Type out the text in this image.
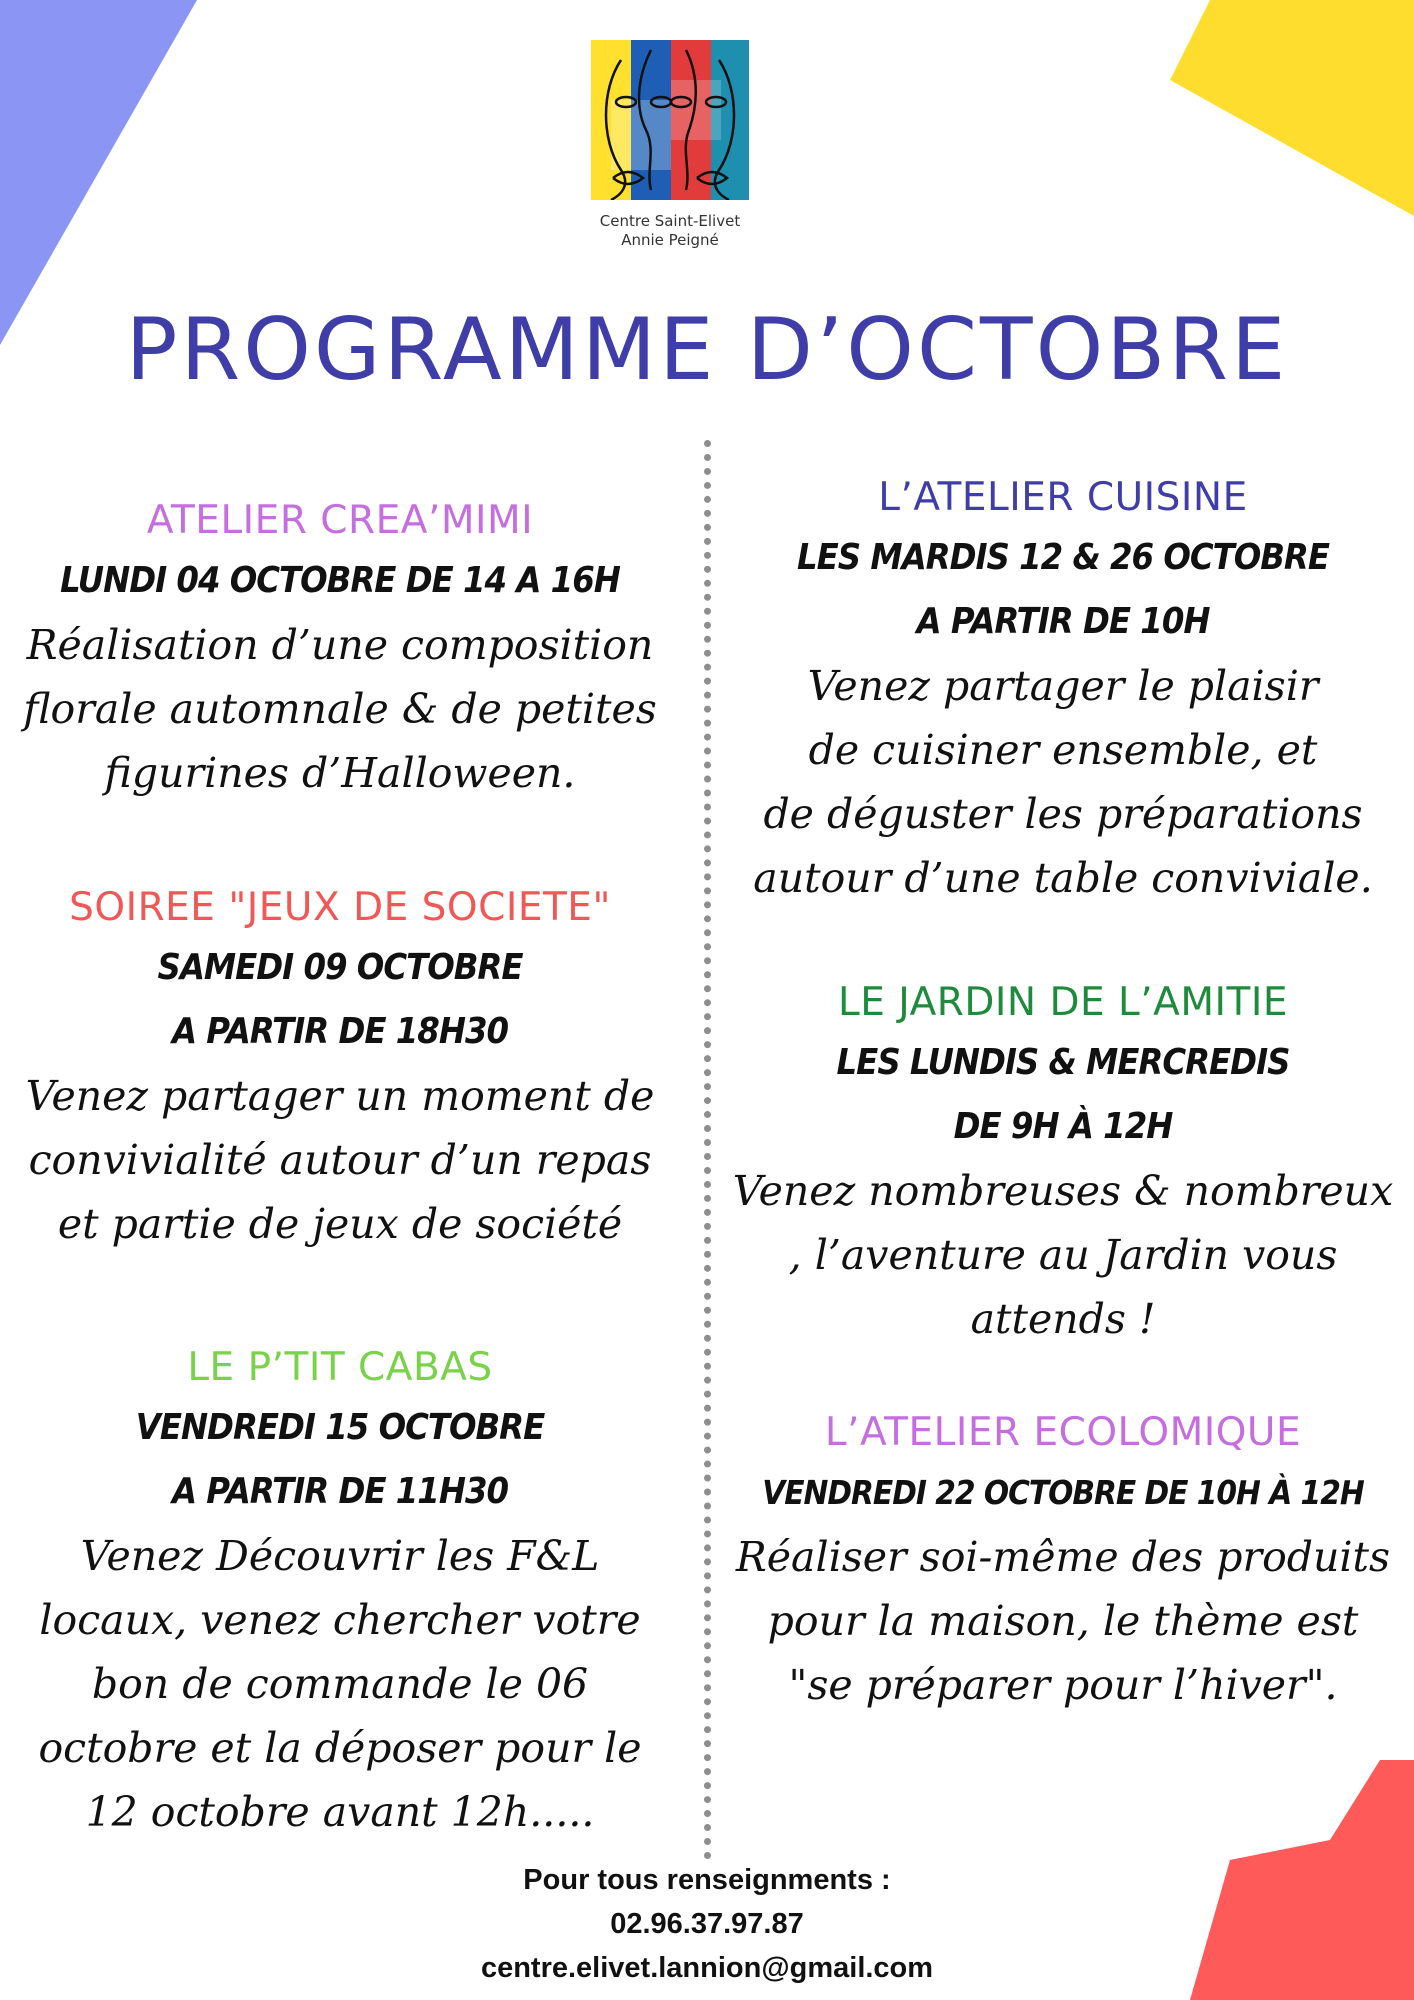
Centre Saint-Elivet
Annie Peigné
PROGRAMME D’OCTOBRE
ATELIER CREA’MIMI
LUNDI 04 OCTOBRE DE 14 A 16H
Réalisation d’une composition
florale automnale & de petites
figurines d’Halloween.
SOIREE "JEUX DE SOCIETE"
SAMEDI 09 OCTOBRE
A PARTIR DE 18H30
Venez partager un moment de
convivialité autour d’un repas
et partie de jeux de société
LE P’TIT CABAS
VENDREDI 15 OCTOBRE
A PARTIR DE 11H30
Venez Découvrir les F&L
locaux, venez chercher votre
bon de commande le 06
octobre et la déposer pour le
12 octobre avant 12h.....
L’ATELIER CUISINE
LES MARDIS 12 & 26 OCTOBRE
A PARTIR DE 10H
Venez partager le plaisir
de cuisiner ensemble, et
de déguster les préparations
autour d’une table conviviale.
LE JARDIN DE L’AMITIE
LES LUNDIS & MERCREDIS
DE 9H À 12H
Venez nombreuses & nombreux
, l’aventure au Jardin vous
attends !
L’ATELIER ECOLOMIQUE
VENDREDI 22 OCTOBRE DE 10H À 12H
Réaliser soi-même des produits
pour la maison, le thème est
"se préparer pour l’hiver".
Pour tous renseignments :
02.96.37.97.87
centre.elivet.lannion@gmail.com
